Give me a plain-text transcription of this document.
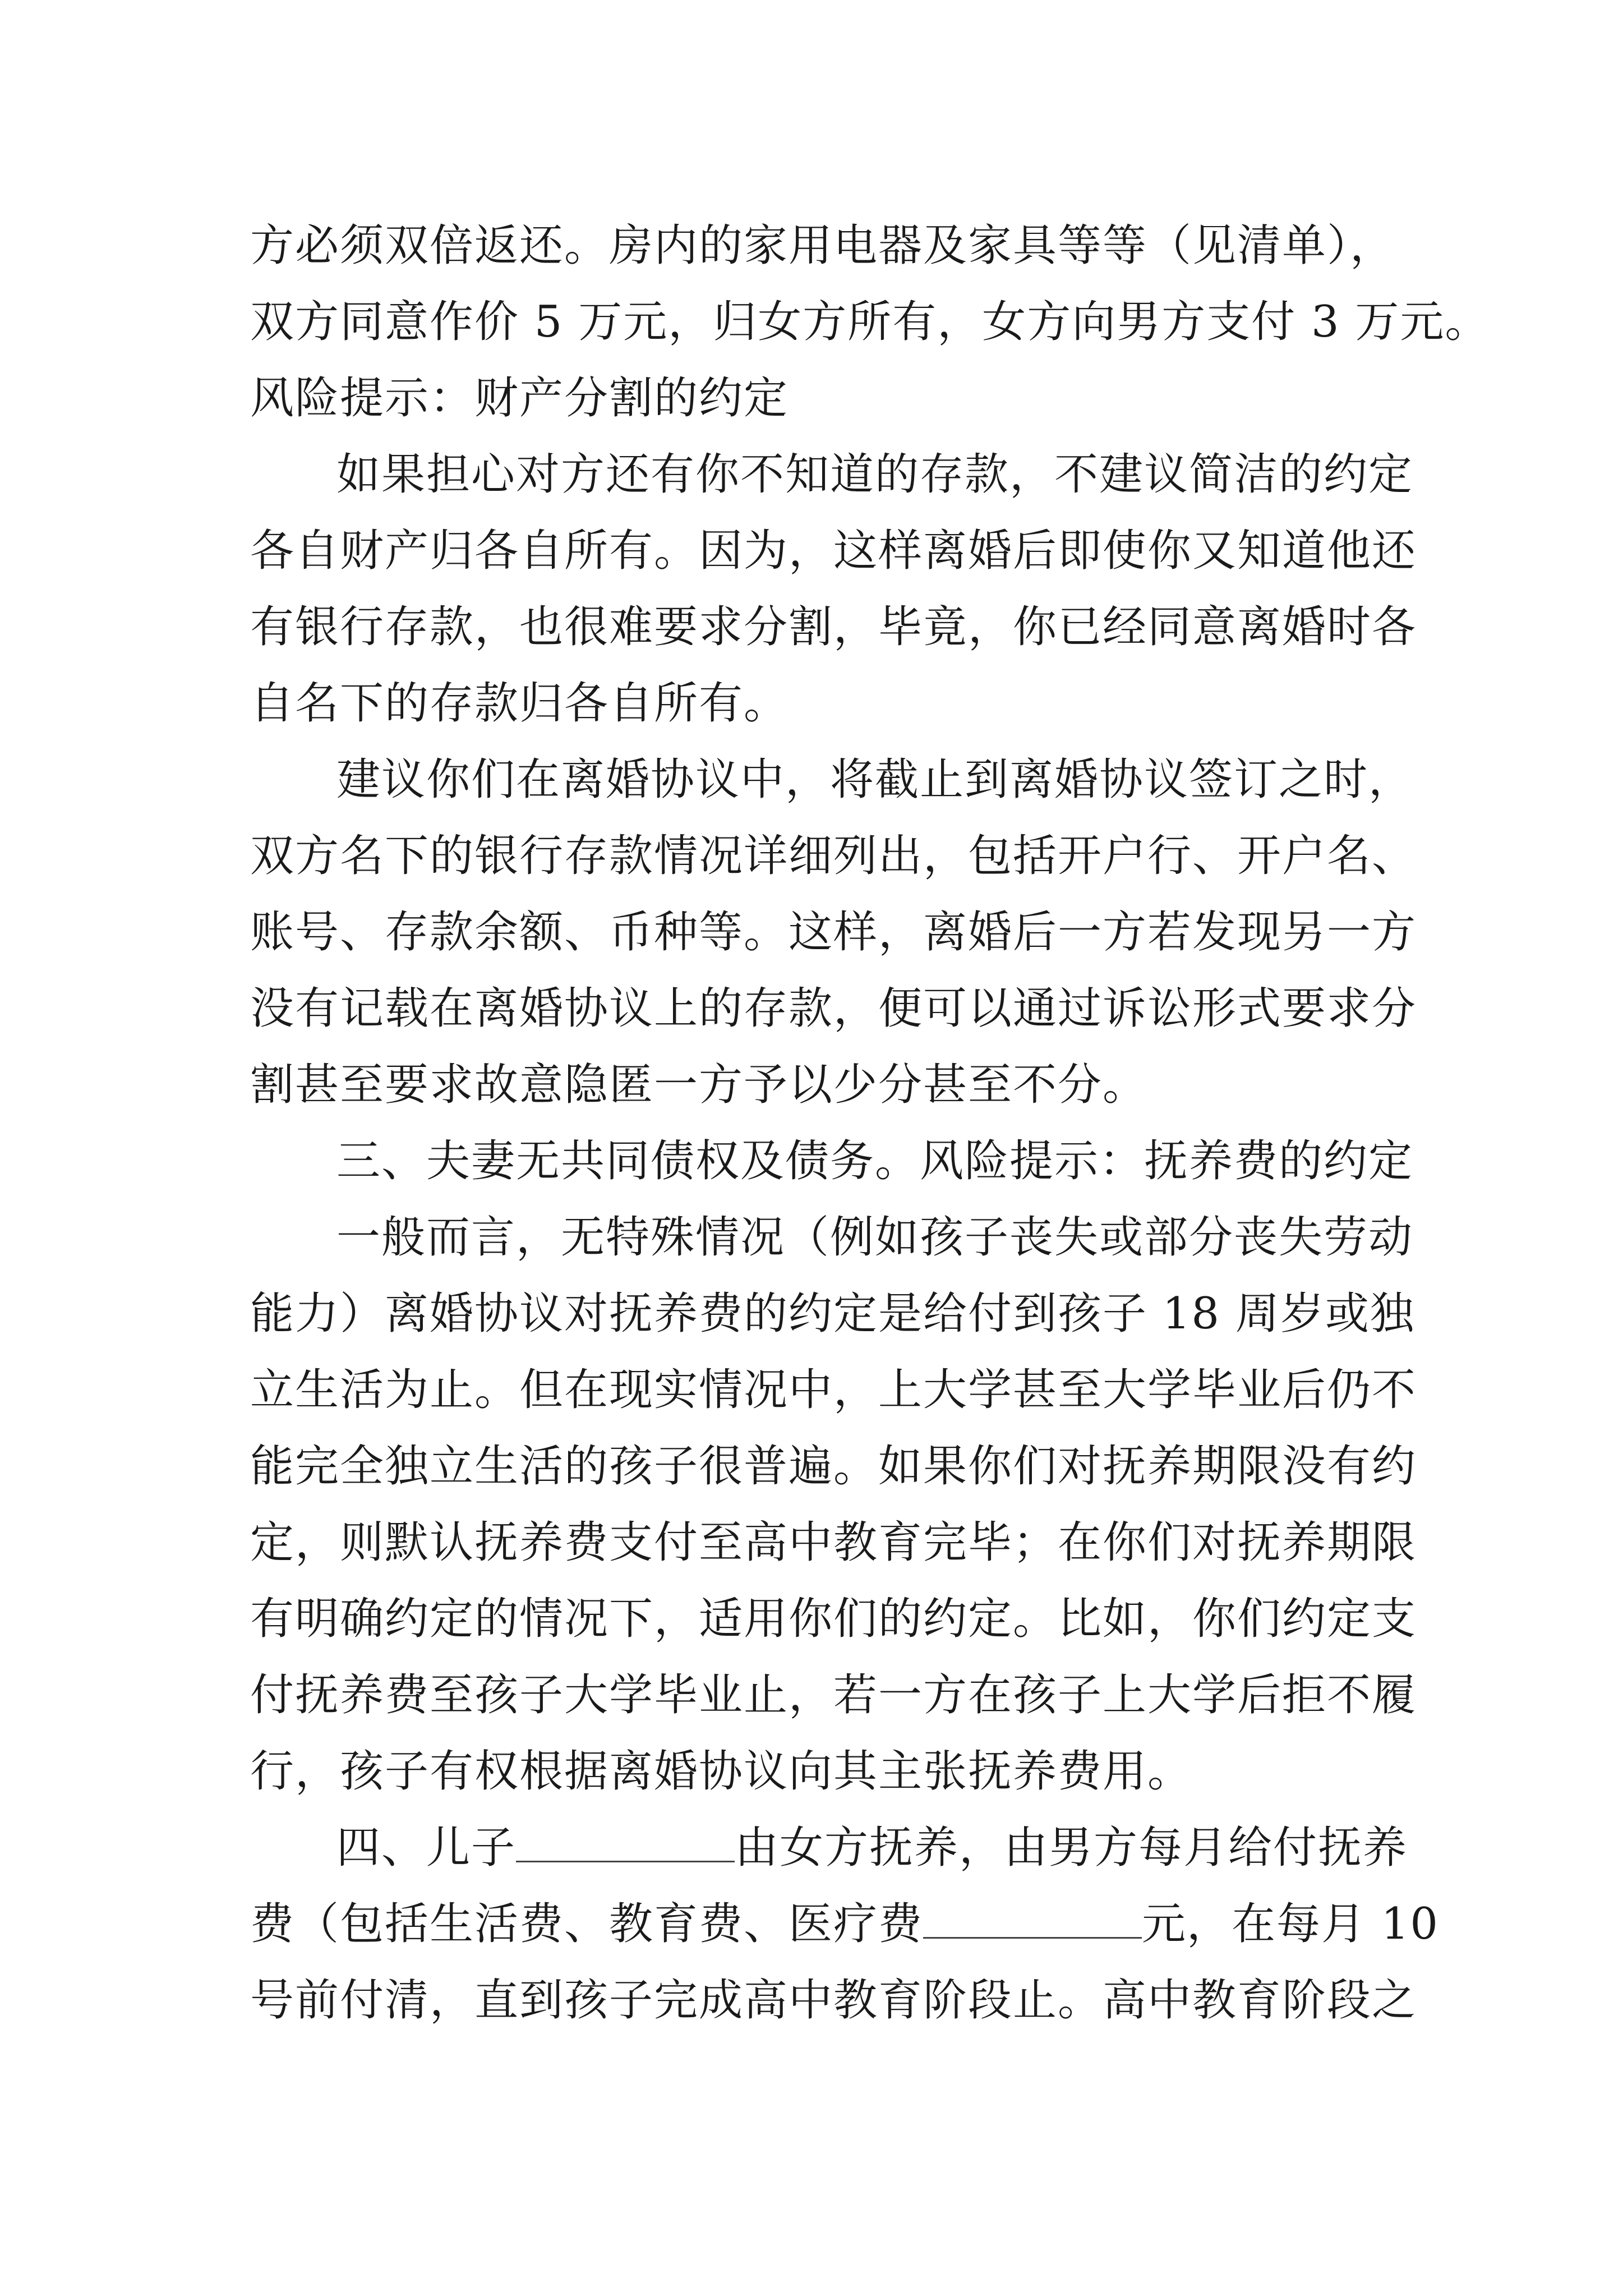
方必须双倍返还。房内的家用电器及家具等等（见清单），
双方同意作价 5 万元，归女方所有，女方向男方支付 3 万元。
风险提示：财产分割的约定
如果担心对方还有你不知道的存款，不建议简洁的约定
各自财产归各自所有。因为，这样离婚后即使你又知道他还
有银行存款，也很难要求分割，毕竟，你已经同意离婚时各
自名下的存款归各自所有。
建议你们在离婚协议中，将截止到离婚协议签订之时，
双方名下的银行存款情况详细列出，包括开户行、开户名、
账号、存款余额、币种等。这样，离婚后一方若发现另一方
没有记载在离婚协议上的存款，便可以通过诉讼形式要求分
割甚至要求故意隐匿一方予以少分甚至不分。
三、夫妻无共同债权及债务。风险提示：抚养费的约定
一般而言，无特殊情况（例如孩子丧失或部分丧失劳动
能力）离婚协议对抚养费的约定是给付到孩子 18 周岁或独
立生活为止。但在现实情况中，上大学甚至大学毕业后仍不
能完全独立生活的孩子很普遍。如果你们对抚养期限没有约
定，则默认抚养费支付至高中教育完毕；在你们对抚养期限
有明确约定的情况下，适用你们的约定。比如，你们约定支
付抚养费至孩子大学毕业止，若一方在孩子上大学后拒不履
行，孩子有权根据离婚协议向其主张抚养费用。
四、儿子	由女方抚养，由男方每月给付抚养
费（包括生活费、教育费、医疗费	元，在每月 10
号前付清，直到孩子完成高中教育阶段止。高中教育阶段之
